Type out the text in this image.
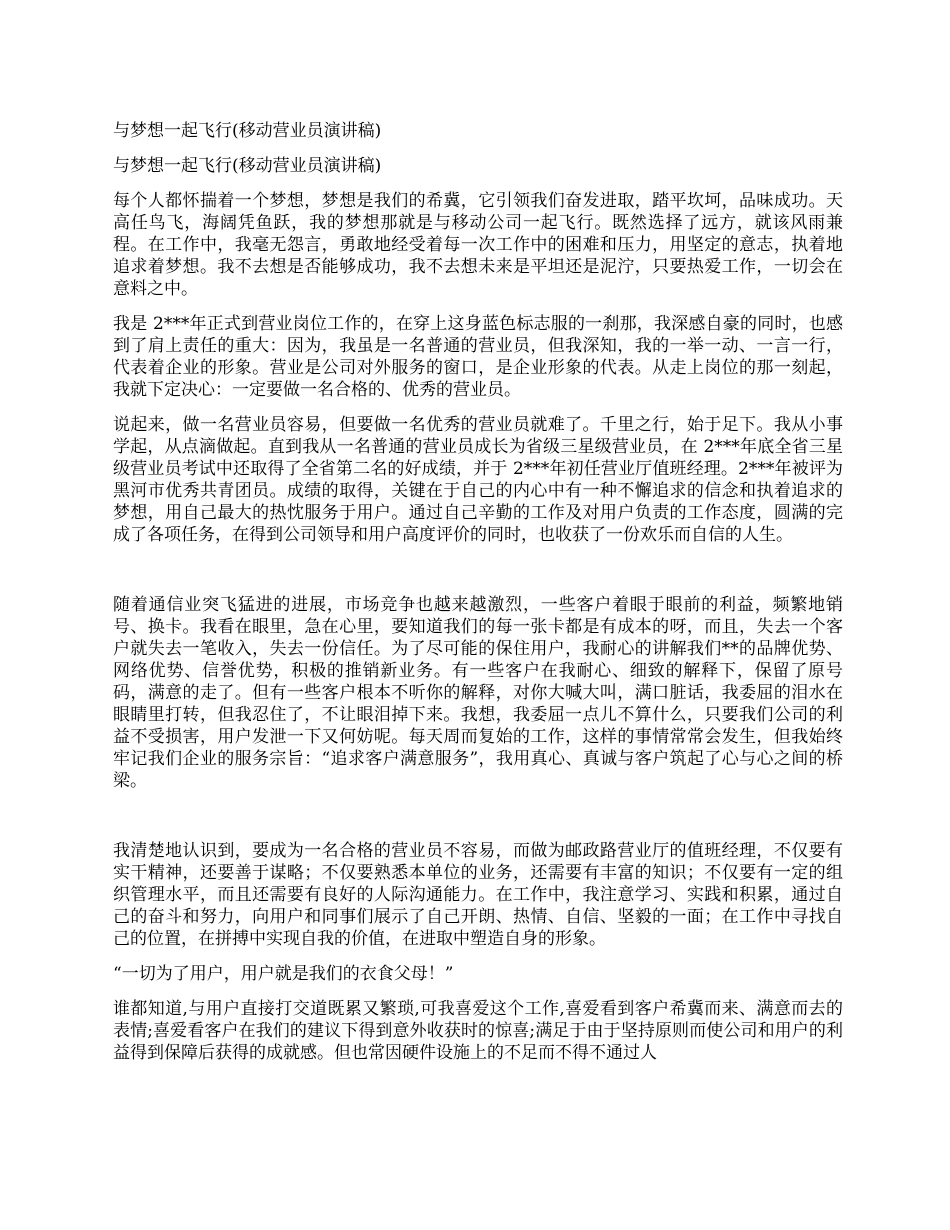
与梦想一起飞行(移动营业员演讲稿)
与梦想一起飞行(移动营业员演讲稿)

每个人都怀揣着一个梦想，梦想是我们的希冀，它引领我们奋发进取，踏平坎坷，品味成功。天高任鸟飞，海阔凭鱼跃，我的梦想那就是与移动公司一起飞行。既然选择了远方，就该风雨兼程。在工作中，我毫无怨言，勇敢地经受着每一次工作中的困难和压力，用坚定的意志，执着地追求着梦想。我不去想是否能够成功，我不去想未来是平坦还是泥泞，只要热爱工作，一切会在意料之中。

我是 2***年正式到营业岗位工作的，在穿上这身蓝色标志服的一刹那，我深感自豪的同时，也感到了肩上责任的重大：因为，我虽是一名普通的营业员，但我深知，我的一举一动、一言一行，代表着企业的形象。营业是公司对外服务的窗口，是企业形象的代表。从走上岗位的那一刻起，我就下定决心：一定要做一名合格的、优秀的营业员。

说起来，做一名营业员容易，但要做一名优秀的营业员就难了。千里之行，始于足下。我从小事学起，从点滴做起。直到我从一名普通的营业员成长为省级三星级营业员，在 2***年底全省三星级营业员考试中还取得了全省第二名的好成绩，并于 2***年初任营业厅值班经理。2***年被评为黑河市优秀共青团员。成绩的取得，关键在于自己的内心中有一种不懈追求的信念和执着追求的梦想，用自己最大的热忱服务于用户。通过自己辛勤的工作及对用户负责的工作态度，圆满的完成了各项任务，在得到公司领导和用户高度评价的同时，也收获了一份欢乐而自信的人生。

随着通信业突飞猛进的进展，市场竞争也越来越激烈，一些客户着眼于眼前的利益，频繁地销号、换卡。我看在眼里，急在心里，要知道我们的每一张卡都是有成本的呀，而且，失去一个客户就失去一笔收入，失去一份信任。为了尽可能的保住用户，我耐心的讲解我们**的品牌优势、网络优势、信誉优势，积极的推销新业务。有一些客户在我耐心、细致的解释下，保留了原号码，满意的走了。但有一些客户根本不听你的解释，对你大喊大叫，满口脏话，我委屈的泪水在眼睛里打转，但我忍住了，不让眼泪掉下来。我想，我委屈一点儿不算什么，只要我们公司的利益不受损害，用户发泄一下又何妨呢。每天周而复始的工作，这样的事情常常会发生，但我始终牢记我们企业的服务宗旨：“追求客户满意服务”，我用真心、真诚与客户筑起了心与心之间的桥梁。

我清楚地认识到，要成为一名合格的营业员不容易，而做为邮政路营业厅的值班经理，不仅要有实干精神，还要善于谋略；不仅要熟悉本单位的业务，还需要有丰富的知识；不仅要有一定的组织管理水平，而且还需要有良好的人际沟通能力。在工作中，我注意学习、实践和积累，通过自己的奋斗和努力，向用户和同事们展示了自己开朗、热情、自信、坚毅的一面；在工作中寻找自己的位置，在拼搏中实现自我的价值，在进取中塑造自身的形象。

“一切为了用户，用户就是我们的衣食父母！”

谁都知道,与用户直接打交道既累又繁琐,可我喜爱这个工作,喜爱看到客户希冀而来、满意而去的表情;喜爱看客户在我们的建议下得到意外收获时的惊喜;满足于由于坚持原则而使公司和用户的利益得到保障后获得的成就感。但也常因硬件设施上的不足而不得不通过人
